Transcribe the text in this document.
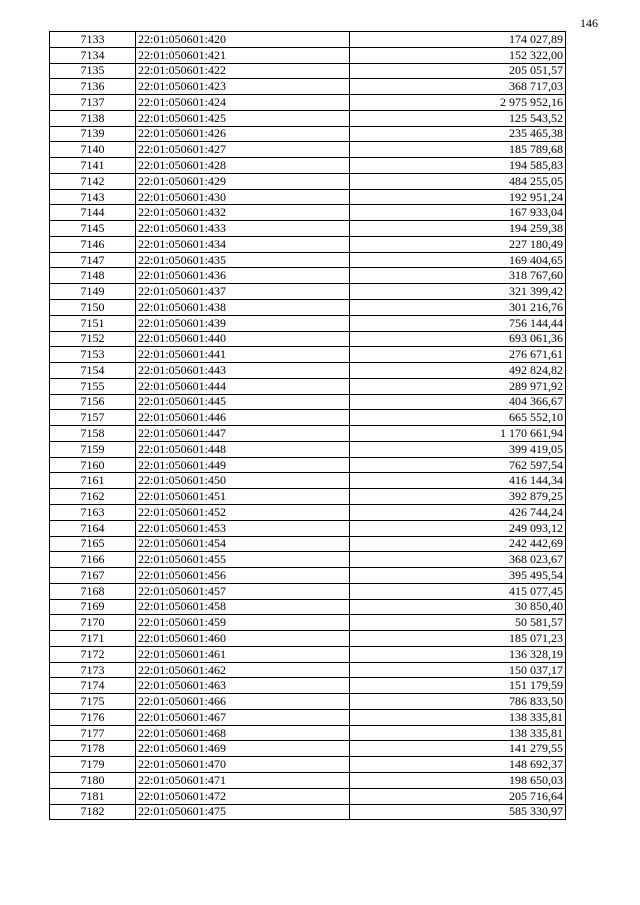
146
7133	22:01:050601:420	174 027,89
7134	22:01:050601:421	152 322,00
7135	22:01:050601:422	205 051,57
7136	22:01:050601:423	368 717,03
7137	22:01:050601:424	2 975 952,16
7138	22:01:050601:425	125 543,52
7139	22:01:050601:426	235 465,38
7140	22:01:050601:427	185 789,68
7141	22:01:050601:428	194 585,83
7142	22:01:050601:429	484 255,05
7143	22:01:050601:430	192 951,24
7144	22:01:050601:432	167 933,04
7145	22:01:050601:433	194 259,38
7146	22:01:050601:434	227 180,49
7147	22:01:050601:435	169 404,65
7148	22:01:050601:436	318 767,60
7149	22:01:050601:437	321 399,42
7150	22:01:050601:438	301 216,76
7151	22:01:050601:439	756 144,44
7152	22:01:050601:440	693 061,36
7153	22:01:050601:441	276 671,61
7154	22:01:050601:443	492 824,82
7155	22:01:050601:444	289 971,92
7156	22:01:050601:445	404 366,67
7157	22:01:050601:446	665 552,10
7158	22:01:050601:447	1 170 661,94
7159	22:01:050601:448	399 419,05
7160	22:01:050601:449	762 597,54
7161	22:01:050601:450	416 144,34
7162	22:01:050601:451	392 879,25
7163	22:01:050601:452	426 744,24
7164	22:01:050601:453	249 093,12
7165	22:01:050601:454	242 442,69
7166	22:01:050601:455	368 023,67
7167	22:01:050601:456	395 495,54
7168	22:01:050601:457	415 077,45
7169	22:01:050601:458	30 850,40
7170	22:01:050601:459	50 581,57
7171	22:01:050601:460	185 071,23
7172	22:01:050601:461	136 328,19
7173	22:01:050601:462	150 037,17
7174	22:01:050601:463	151 179,59
7175	22:01:050601:466	786 833,50
7176	22:01:050601:467	138 335,81
7177	22:01:050601:468	138 335,81
7178	22:01:050601:469	141 279,55
7179	22:01:050601:470	148 692,37
7180	22:01:050601:471	198 650,03
7181	22:01:050601:472	205 716,64
7182	22:01:050601:475	585 330,97
